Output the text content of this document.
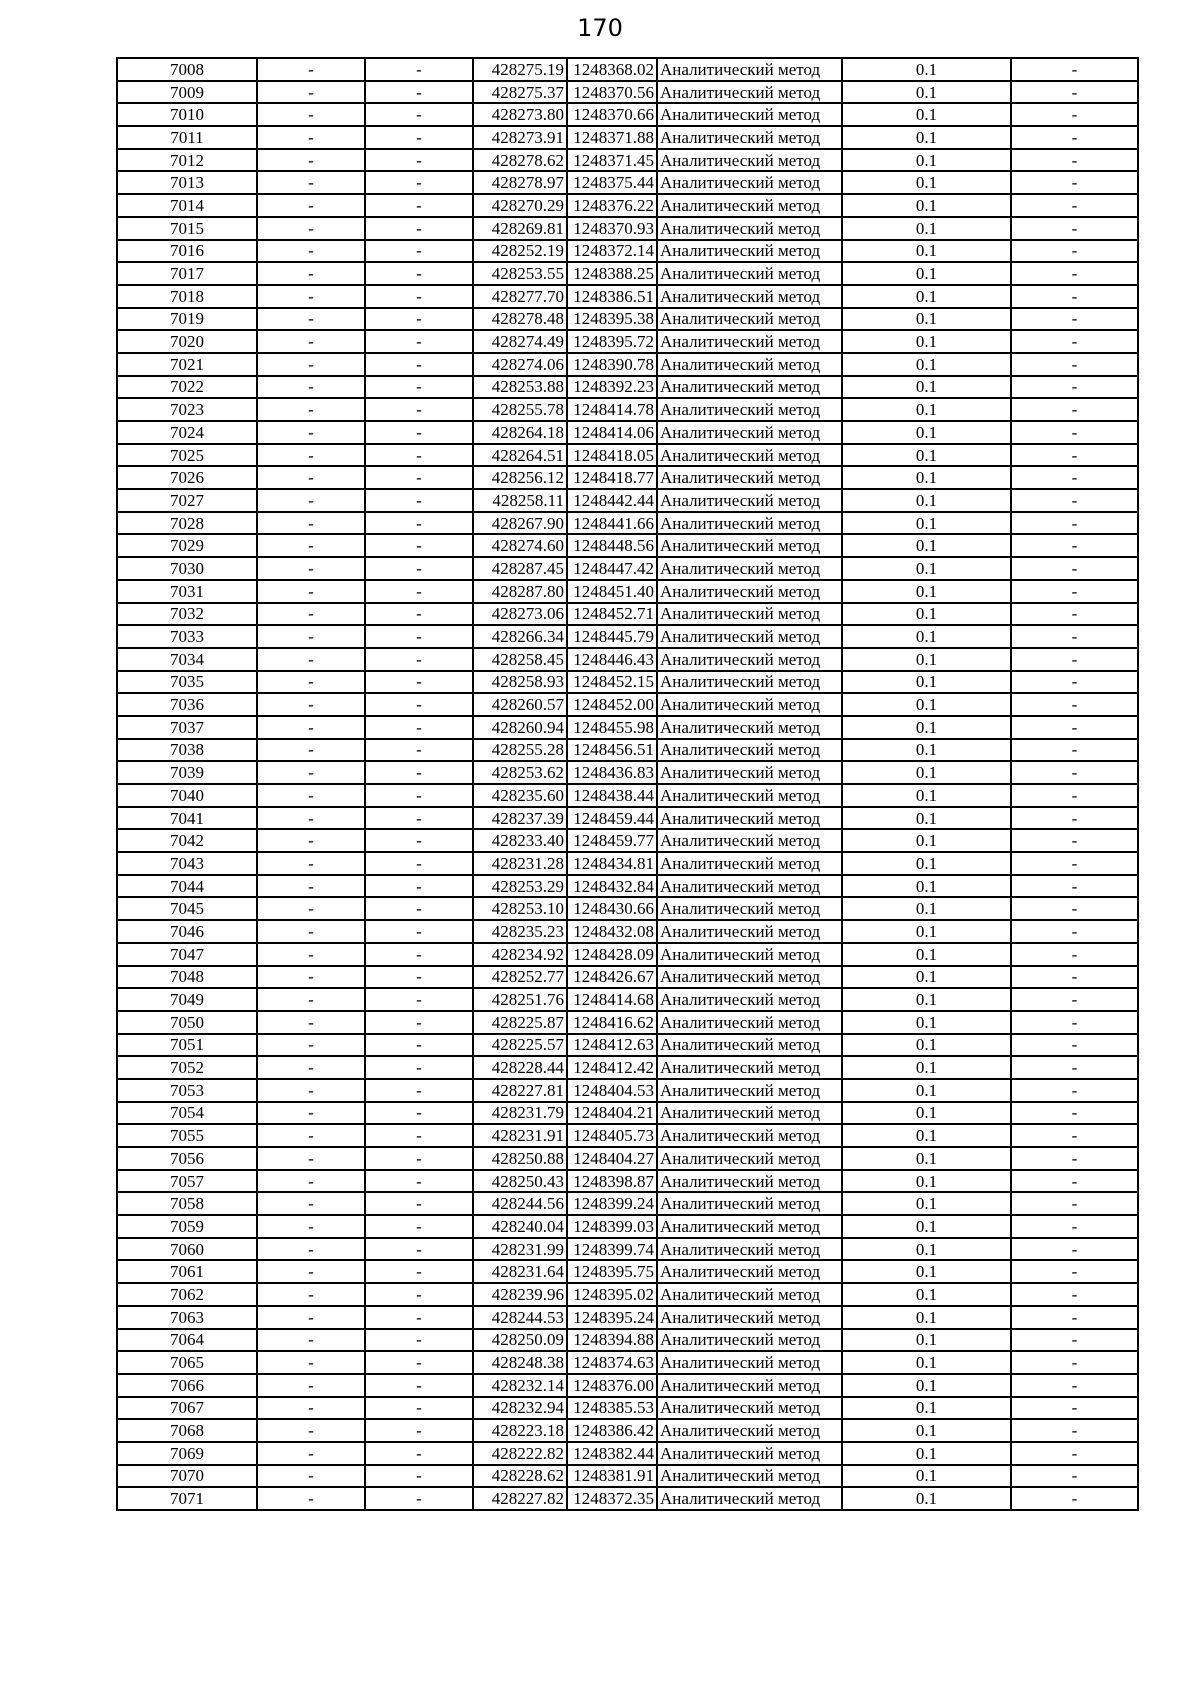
170
7008	-	-	428275.19	1248368.02	Аналитический метод	0.1	-
7009	-	-	428275.37	1248370.56	Аналитический метод	0.1	-
7010	-	-	428273.80	1248370.66	Аналитический метод	0.1	-
7011	-	-	428273.91	1248371.88	Аналитический метод	0.1	-
7012	-	-	428278.62	1248371.45	Аналитический метод	0.1	-
7013	-	-	428278.97	1248375.44	Аналитический метод	0.1	-
7014	-	-	428270.29	1248376.22	Аналитический метод	0.1	-
7015	-	-	428269.81	1248370.93	Аналитический метод	0.1	-
7016	-	-	428252.19	1248372.14	Аналитический метод	0.1	-
7017	-	-	428253.55	1248388.25	Аналитический метод	0.1	-
7018	-	-	428277.70	1248386.51	Аналитический метод	0.1	-
7019	-	-	428278.48	1248395.38	Аналитический метод	0.1	-
7020	-	-	428274.49	1248395.72	Аналитический метод	0.1	-
7021	-	-	428274.06	1248390.78	Аналитический метод	0.1	-
7022	-	-	428253.88	1248392.23	Аналитический метод	0.1	-
7023	-	-	428255.78	1248414.78	Аналитический метод	0.1	-
7024	-	-	428264.18	1248414.06	Аналитический метод	0.1	-
7025	-	-	428264.51	1248418.05	Аналитический метод	0.1	-
7026	-	-	428256.12	1248418.77	Аналитический метод	0.1	-
7027	-	-	428258.11	1248442.44	Аналитический метод	0.1	-
7028	-	-	428267.90	1248441.66	Аналитический метод	0.1	-
7029	-	-	428274.60	1248448.56	Аналитический метод	0.1	-
7030	-	-	428287.45	1248447.42	Аналитический метод	0.1	-
7031	-	-	428287.80	1248451.40	Аналитический метод	0.1	-
7032	-	-	428273.06	1248452.71	Аналитический метод	0.1	-
7033	-	-	428266.34	1248445.79	Аналитический метод	0.1	-
7034	-	-	428258.45	1248446.43	Аналитический метод	0.1	-
7035	-	-	428258.93	1248452.15	Аналитический метод	0.1	-
7036	-	-	428260.57	1248452.00	Аналитический метод	0.1	-
7037	-	-	428260.94	1248455.98	Аналитический метод	0.1	-
7038	-	-	428255.28	1248456.51	Аналитический метод	0.1	-
7039	-	-	428253.62	1248436.83	Аналитический метод	0.1	-
7040	-	-	428235.60	1248438.44	Аналитический метод	0.1	-
7041	-	-	428237.39	1248459.44	Аналитический метод	0.1	-
7042	-	-	428233.40	1248459.77	Аналитический метод	0.1	-
7043	-	-	428231.28	1248434.81	Аналитический метод	0.1	-
7044	-	-	428253.29	1248432.84	Аналитический метод	0.1	-
7045	-	-	428253.10	1248430.66	Аналитический метод	0.1	-
7046	-	-	428235.23	1248432.08	Аналитический метод	0.1	-
7047	-	-	428234.92	1248428.09	Аналитический метод	0.1	-
7048	-	-	428252.77	1248426.67	Аналитический метод	0.1	-
7049	-	-	428251.76	1248414.68	Аналитический метод	0.1	-
7050	-	-	428225.87	1248416.62	Аналитический метод	0.1	-
7051	-	-	428225.57	1248412.63	Аналитический метод	0.1	-
7052	-	-	428228.44	1248412.42	Аналитический метод	0.1	-
7053	-	-	428227.81	1248404.53	Аналитический метод	0.1	-
7054	-	-	428231.79	1248404.21	Аналитический метод	0.1	-
7055	-	-	428231.91	1248405.73	Аналитический метод	0.1	-
7056	-	-	428250.88	1248404.27	Аналитический метод	0.1	-
7057	-	-	428250.43	1248398.87	Аналитический метод	0.1	-
7058	-	-	428244.56	1248399.24	Аналитический метод	0.1	-
7059	-	-	428240.04	1248399.03	Аналитический метод	0.1	-
7060	-	-	428231.99	1248399.74	Аналитический метод	0.1	-
7061	-	-	428231.64	1248395.75	Аналитический метод	0.1	-
7062	-	-	428239.96	1248395.02	Аналитический метод	0.1	-
7063	-	-	428244.53	1248395.24	Аналитический метод	0.1	-
7064	-	-	428250.09	1248394.88	Аналитический метод	0.1	-
7065	-	-	428248.38	1248374.63	Аналитический метод	0.1	-
7066	-	-	428232.14	1248376.00	Аналитический метод	0.1	-
7067	-	-	428232.94	1248385.53	Аналитический метод	0.1	-
7068	-	-	428223.18	1248386.42	Аналитический метод	0.1	-
7069	-	-	428222.82	1248382.44	Аналитический метод	0.1	-
7070	-	-	428228.62	1248381.91	Аналитический метод	0.1	-
7071	-	-	428227.82	1248372.35	Аналитический метод	0.1	-
